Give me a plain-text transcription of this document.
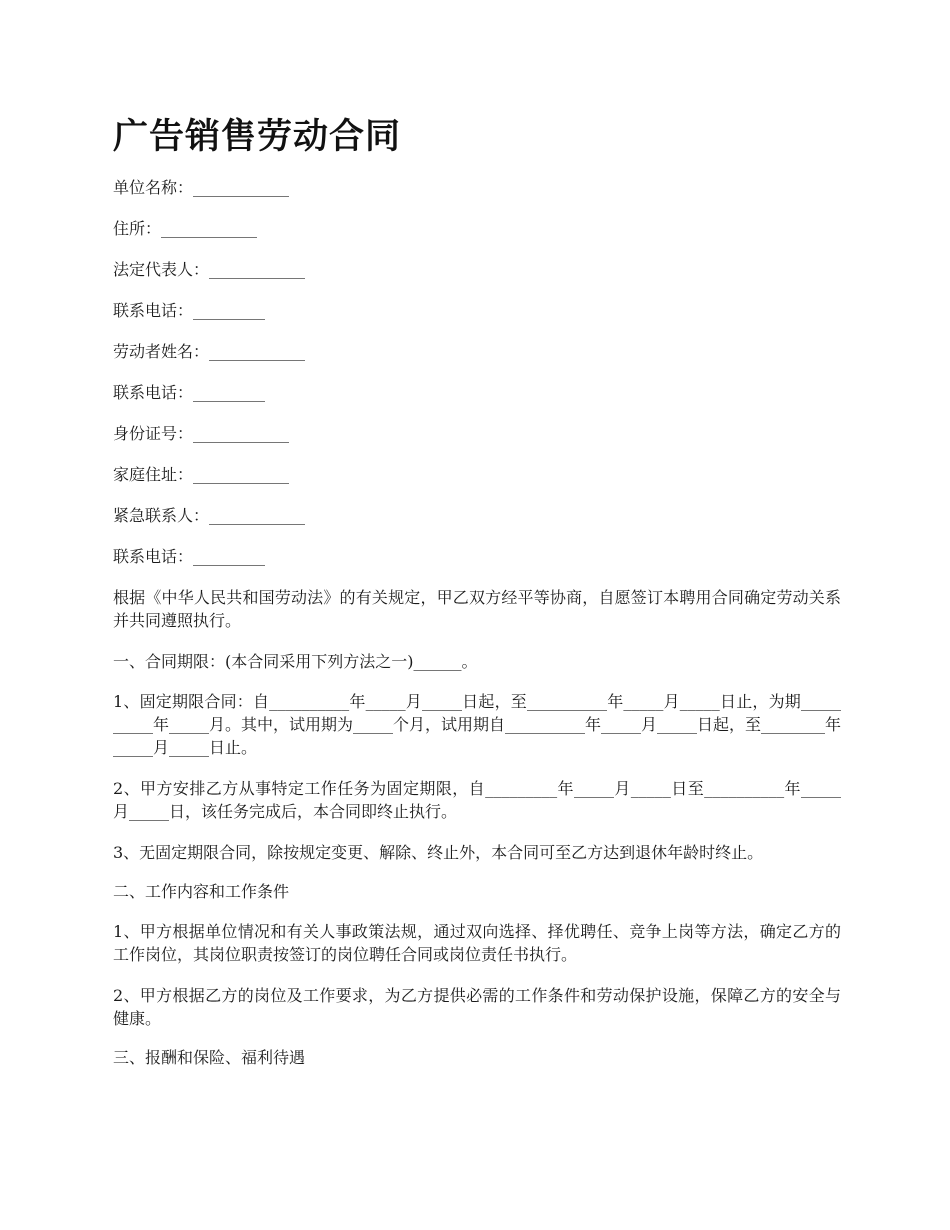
广告销售劳动合同
单位名称：____________
住所：____________
法定代表人：____________
联系电话：_________
劳动者姓名：____________
联系电话：_________
身份证号：____________
家庭住址：____________
紧急联系人：____________
联系电话：_________

根据《中华人民共和国劳动法》的有关规定，甲乙双方经平等协商，自愿签订本聘用合同确定劳动关系并共同遵照执行。

一、合同期限：(本合同采用下列方法之一)______。

1、固定期限合同：自__________年_____月_____日起，至__________年_____月_____日止，为期__________年_____月。其中，试用期为_____个月，试用期自__________年_____月_____日起，至________年_____月_____日止。

2、甲方安排乙方从事特定工作任务为固定期限，自_________年_____月_____日至__________年_____月_____日，该任务完成后，本合同即终止执行。

3、无固定期限合同，除按规定变更、解除、终止外，本合同可至乙方达到退休年龄时终止。

二、工作内容和工作条件

1、甲方根据单位情况和有关人事政策法规，通过双向选择、择优聘任、竞争上岗等方法，确定乙方的工作岗位，其岗位职责按签订的岗位聘任合同或岗位责任书执行。

2、甲方根据乙方的岗位及工作要求，为乙方提供必需的工作条件和劳动保护设施，保障乙方的安全与健康。

三、报酬和保险、福利待遇
